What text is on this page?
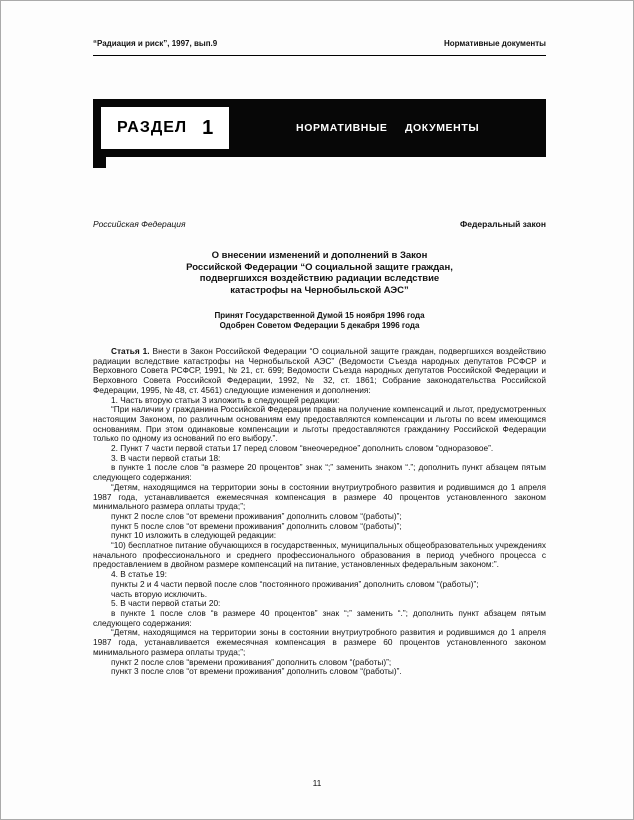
“Радиация и риск”, 1997, вып.9	Нормативные документы
РАЗДЕЛ 1	НОРМАТИВНЫЕ ДОКУМЕНТЫ
Российская Федерация	Федеральный закон
О внесении изменений и дополнений в Закон
Российской Федерации “О социальной защите граждан,
подвергшихся воздействию радиации вследствие
катастрофы на Чернобыльской АЭС”
Принят Государственной Думой 15 ноября 1996 года
Одобрен Советом Федерации 5 декабря 1996 года

Статья 1. Внести в Закон Российской Федерации “О социальной защите граждан, подвергшихся воздействию радиации вследствие катастрофы на Чернобыльской АЭС” (Ведомости Съезда народных депутатов РСФСР и Верховного Совета РСФСР, 1991, № 21, ст. 699; Ведомости Съезда народных депутатов Российской Федерации и Верховного Совета Российской Федерации, 1992, № 32, ст. 1861; Собрание законодательства Российской Федерации, 1995, № 48, ст. 4561) следующие изменения и дополнения:

1. Часть вторую статьи 3 изложить в следующей редакции:

“При наличии у гражданина Российской Федерации права на получение компенсаций и льгот, предусмотренных настоящим Законом, по различным основаниям ему предоставляются компенсации и льготы по всем имеющимся основаниям. При этом одинаковые компенсации и льготы предоставляются гражданину Российской Федерации только по одному из оснований по его выбору.”.

2. Пункт 7 части первой статьи 17 перед словом “внеочередное” дополнить словом “одноразовое”.

3. В части первой статьи 18:

в пункте 1 после слов “в размере 20 процентов” знак “;” заменить знаком “.”; дополнить пункт абзацем пятым следующего содержания:

“Детям, находящимся на территории зоны в состоянии внутриутробного развития и родившимся до 1 апреля 1987 года, устанавливается ежемесячная компенсация в размере 40 процентов установленного законом минимального размера оплаты труда;”;

пункт 2 после слов “от времени проживания” дополнить словом “(работы)”;

пункт 5 после слов “от времени проживания” дополнить словом “(работы)”;

пункт 10 изложить в следующей редакции:

“10) бесплатное питание обучающихся в государственных, муниципальных общеобразовательных учреждениях начального профессионального и среднего профессионального образования в период учебного процесса с предоставлением в двойном размере компенсаций на питание, установленных федеральным законом:”.

4. В статье 19:

пункты 2 и 4 части первой после слов “постоянного проживания” дополнить словом “(работы)”;

часть вторую исключить.

5. В части первой статьи 20:

в пункте 1 после слов “в размере 40 процентов” знак “;” заменить “.”; дополнить пункт абзацем пятым следующего содержания:

“Детям, находящимся на территории зоны в состоянии внутриутробного развития и родившимся до 1 апреля 1987 года, устанавливается ежемесячная компенсация в размере 60 процентов установленного законом минимального размера оплаты труда;”;

пункт 2 после слов “времени проживания” дополнить словом “(работы)”;

пункт 3 после слов “от времени проживания” дополнить словом “(работы)”.

11
